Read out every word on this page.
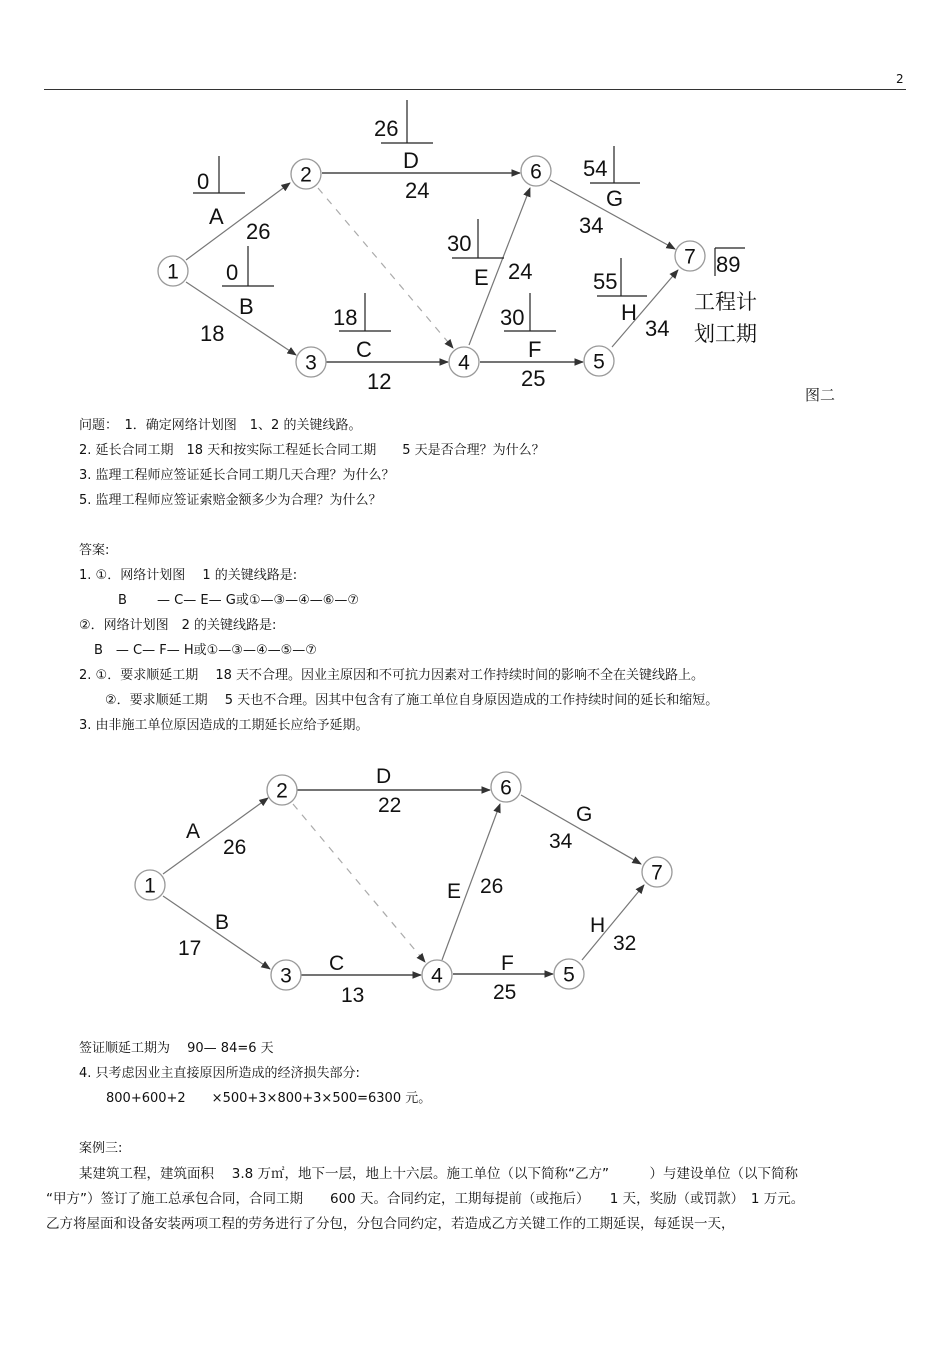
2
0
0
26
18
30
30
54
55
A
26
B
18
D
24
C
12
E 24
F
25
G
34
H
34
1
2
3	4	5
6
7 89
工程计
划工期
图二
问题：　1．确定网络计划图　1、2 的关键线路。
2. 延长合同工期　18 天和按实际工程延长合同工期　　5 天是否合理？为什么？
3. 监理工程师应签证延长合同工期几天合理？为什么？
5. 监理工程师应签证索赔金额多少为合理？为什么？
答案:
1. ①．网络计划图　 1 的关键线路是:
B　　 — C— E— G或①—③—④—⑥—⑦
②．网络计划图　2 的关键线路是:
B　— C— F— H或①—③—④—⑤—⑦
2. ①．要求顺延工期　 18 天不合理。因业主原因和不可抗力因素对工作持续时间的影响不全在关键线路上。
②．要求顺延工期　 5 天也不合理。因其中包含有了施工单位自身原因造成的工作持续时间的延长和缩短。
3. 由非施工单位原因造成的工期延长应给予延期。
A
26
B
17
D
22
C
13
E 26
F
25
G
34
H
32
1
2
3	4	5
6
7
签证顺延工期为　 90— 84=6 天
4. 只考虑因业主直接原因所造成的经济损失部分:
800+600+2　　×500+3×800+3×500=6300 元。
案例三:
某建筑工程，建筑面积　 3.8 万㎡，地下一层，地上十六层。施工单位（以下简称“乙方”　　　）与建设单位（以下简称
“甲方”）签订了施工总承包合同，合同工期　　600 天。合同约定，工期每提前（或拖后）　　1 天，奖励（或罚款）　1 万元。
乙方将屋面和设备安装两项工程的劳务进行了分包，分包合同约定，若造成乙方关键工作的工期延误，每延误一天，
